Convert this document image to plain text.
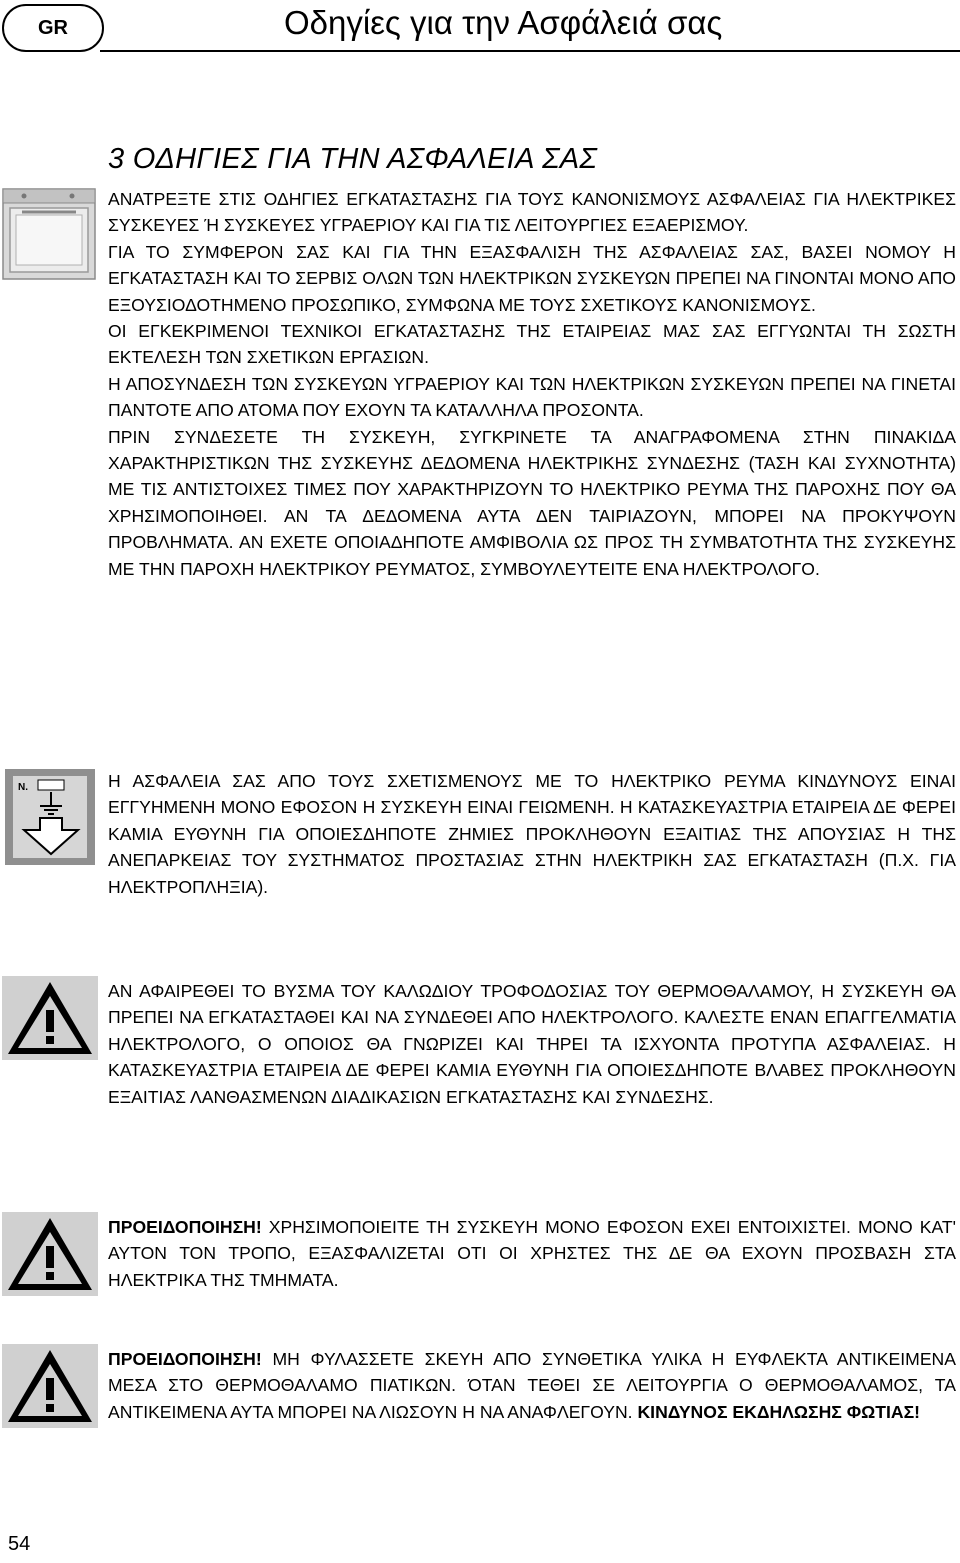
GR	Οδηγίες για την Ασφάλειά σας
3 ΟΔΗΓΙΕΣ ΓΙΑ ΤΗΝ ΑΣΦΑΛΕΙΑ ΣΑΣ

ΑΝΑΤΡΕΞΤΕ ΣΤΙΣ ΟΔΗΓΙΕΣ ΕΓΚΑΤΑΣΤΑΣΗΣ ΓΙΑ ΤΟΥΣ ΚΑΝΟΝΙΣΜΟΥΣ ΑΣΦΑΛΕΙΑΣ ΓΙΑ ΗΛΕΚΤΡΙΚΕΣ ΣΥΣΚΕΥΕΣ Ή ΣΥΣΚΕΥΕΣ ΥΓΡΑΕΡΙΟΥ ΚΑΙ ΓΙΑ ΤΙΣ ΛΕΙΤΟΥΡΓΙΕΣ ΕΞΑΕΡΙΣΜΟΥ.

ΓΙΑ ΤΟ ΣΥΜΦΕΡΟΝ ΣΑΣ ΚΑΙ ΓΙΑ ΤΗΝ ΕΞΑΣΦΑΛΙΣΗ ΤΗΣ ΑΣΦΑΛΕΙΑΣ ΣΑΣ, ΒΑΣΕΙ ΝΟΜΟΥ Η ΕΓΚΑΤΑΣΤΑΣΗ ΚΑΙ ΤΟ ΣΕΡΒΙΣ ΟΛΩΝ ΤΩΝ ΗΛΕΚΤΡΙΚΩΝ ΣΥΣΚΕΥΩΝ ΠΡΕΠΕΙ ΝΑ ΓΙΝΟΝΤΑΙ ΜΟΝΟ ΑΠΟ ΕΞΟΥΣΙΟΔΟΤΗΜΕΝΟ ΠΡΟΣΩΠΙΚΟ, ΣΥΜΦΩΝΑ ΜΕ ΤΟΥΣ ΣΧΕΤΙΚΟΥΣ ΚΑΝΟΝΙΣΜΟΥΣ.

ΟΙ ΕΓΚΕΚΡΙΜΕΝΟΙ ΤΕΧΝΙΚΟΙ ΕΓΚΑΤΑΣΤΑΣΗΣ ΤΗΣ ΕΤΑΙΡΕΙΑΣ ΜΑΣ ΣΑΣ ΕΓΓΥΩΝΤΑΙ ΤΗ ΣΩΣΤΗ ΕΚΤΕΛΕΣΗ ΤΩΝ ΣΧΕΤΙΚΩΝ ΕΡΓΑΣΙΩΝ.

Η ΑΠΟΣΥΝΔΕΣΗ ΤΩΝ ΣΥΣΚΕΥΩΝ ΥΓΡΑΕΡΙΟΥ ΚΑΙ ΤΩΝ ΗΛΕΚΤΡΙΚΩΝ ΣΥΣΚΕΥΩΝ ΠΡΕΠΕΙ ΝΑ ΓΙΝΕΤΑΙ ΠΑΝΤΟΤΕ ΑΠΟ ΑΤΟΜΑ ΠΟΥ ΕΧΟΥΝ ΤΑ ΚΑΤΑΛΛΗΛΑ ΠΡΟΣΟΝΤΑ.

ΠΡΙΝ ΣΥΝΔΕΣΕΤΕ ΤΗ ΣΥΣΚΕΥΗ, ΣΥΓΚΡΙΝΕΤΕ ΤΑ ΑΝΑΓΡΑΦΟΜΕΝΑ ΣΤΗΝ ΠΙΝΑΚΙΔΑ ΧΑΡΑΚΤΗΡΙΣΤΙΚΩΝ ΤΗΣ ΣΥΣΚΕΥΗΣ ΔΕΔΟΜΕΝΑ ΗΛΕΚΤΡΙΚΗΣ ΣΥΝΔΕΣΗΣ (ΤΑΣΗ ΚΑΙ ΣΥΧΝΟΤΗΤΑ) ΜΕ ΤΙΣ ΑΝΤΙΣΤΟΙΧΕΣ ΤΙΜΕΣ ΠΟΥ ΧΑΡΑΚΤΗΡΙΖΟΥΝ ΤΟ ΗΛΕΚΤΡΙΚΟ ΡΕΥΜΑ ΤΗΣ ΠΑΡΟΧΗΣ ΠΟΥ ΘΑ ΧΡΗΣΙΜΟΠΟΙΗΘΕΙ. ΑΝ ΤΑ ΔΕΔΟΜΕΝΑ ΑΥΤΑ ΔΕΝ ΤΑΙΡΙΑΖΟΥΝ, ΜΠΟΡΕΙ ΝΑ ΠΡΟΚΥΨΟΥΝ ΠΡΟΒΛΗΜΑΤΑ. ΑΝ ΕΧΕΤΕ ΟΠΟΙΑΔΗΠΟΤΕ ΑΜΦΙΒΟΛΙΑ ΩΣ ΠΡΟΣ ΤΗ ΣΥΜΒΑΤΟΤΗΤΑ ΤΗΣ ΣΥΣΚΕΥΗΣ ΜΕ ΤΗΝ ΠΑΡΟΧΗ ΗΛΕΚΤΡΙΚΟΥ ΡΕΥΜΑΤΟΣ, ΣΥΜΒΟΥΛΕΥΤΕΙΤΕ ΕΝΑ ΗΛΕΚΤΡΟΛΟΓΟ.

N.	Η ΑΣΦΑΛΕΙΑ ΣΑΣ ΑΠΟ ΤΟΥΣ ΣΧΕΤΙΣΜΕΝΟΥΣ ΜΕ ΤΟ ΗΛΕΚΤΡΙΚΟ ΡΕΥΜΑ ΚΙΝΔΥΝΟΥΣ ΕΙΝΑΙ ΕΓΓΥΗΜΕΝΗ ΜΟΝΟ ΕΦΟΣΟΝ Η ΣΥΣΚΕΥΗ ΕΙΝΑΙ ΓΕΙΩΜΕΝΗ. Η ΚΑΤΑΣΚΕΥΑΣΤΡΙΑ ΕΤΑΙΡΕΙΑ ΔΕ ΦΕΡΕΙ ΚΑΜΙΑ ΕΥΘΥΝΗ ΓΙΑ ΟΠΟΙΕΣΔΗΠΟΤΕ ΖΗΜΙΕΣ ΠΡΟΚΛΗΘΟΥΝ ΕΞΑΙΤΙΑΣ ΤΗΣ ΑΠΟΥΣΙΑΣ Η ΤΗΣ ΑΝΕΠΑΡΚΕΙΑΣ ΤΟΥ ΣΥΣΤΗΜΑΤΟΣ ΠΡΟΣΤΑΣΙΑΣ ΣΤΗΝ ΗΛΕΚΤΡΙΚΗ ΣΑΣ ΕΓΚΑΤΑΣΤΑΣΗ (Π.Χ. ΓΙΑ ΗΛΕΚΤΡΟΠΛΗΞΙΑ).

ΑΝ ΑΦΑΙΡΕΘΕΙ ΤΟ ΒΥΣΜΑ ΤΟΥ ΚΑΛΩΔΙΟΥ ΤΡΟΦΟΔΟΣΙΑΣ ΤΟΥ ΘΕΡΜΟΘΑΛΑΜΟΥ, Η ΣΥΣΚΕΥΗ ΘΑ ΠΡΕΠΕΙ ΝΑ ΕΓΚΑΤΑΣΤΑΘΕΙ ΚΑΙ ΝΑ ΣΥΝΔΕΘΕΙ ΑΠΟ ΗΛΕΚΤΡΟΛΟΓΟ. ΚΑΛΕΣΤΕ ΕΝΑΝ ΕΠΑΓΓΕΛΜΑΤΙΑ ΗΛΕΚΤΡΟΛΟΓΟ, Ο ΟΠΟΙΟΣ ΘΑ ΓΝΩΡΙΖΕΙ ΚΑΙ ΤΗΡΕΙ ΤΑ ΙΣΧΥΟΝΤΑ ΠΡΟΤΥΠΑ ΑΣΦΑΛΕΙΑΣ. Η ΚΑΤΑΣΚΕΥΑΣΤΡΙΑ ΕΤΑΙΡΕΙΑ ΔΕ ΦΕΡΕΙ ΚΑΜΙΑ ΕΥΘΥΝΗ ΓΙΑ ΟΠΟΙΕΣΔΗΠΟΤΕ ΒΛΑΒΕΣ ΠΡΟΚΛΗΘΟΥΝ ΕΞΑΙΤΙΑΣ ΛΑΝΘΑΣΜΕΝΩΝ ΔΙΑΔΙΚΑΣΙΩΝ ΕΓΚΑΤΑΣΤΑΣΗΣ ΚΑΙ ΣΥΝΔΕΣΗΣ.

ΠΡΟΕΙΔΟΠΟΙΗΣΗ! ΧΡΗΣΙΜΟΠΟΙΕΙΤΕ ΤΗ ΣΥΣΚΕΥΗ ΜΟΝΟ ΕΦΟΣΟΝ ΕΧΕΙ ΕΝΤΟΙΧΙΣΤΕΙ. ΜΟΝΟ ΚΑΤ' ΑΥΤΟΝ ΤΟΝ ΤΡΟΠΟ, ΕΞΑΣΦΑΛΙΖΕΤΑΙ ΟΤΙ ΟΙ ΧΡΗΣΤΕΣ ΤΗΣ ΔΕ ΘΑ ΕΧΟΥΝ ΠΡΟΣΒΑΣΗ ΣΤΑ ΗΛΕΚΤΡΙΚΑ ΤΗΣ ΤΜΗΜΑΤΑ.

ΠΡΟΕΙΔΟΠΟΙΗΣΗ! ΜΗ ΦΥΛΑΣΣΕΤΕ ΣΚΕΥΗ ΑΠΟ ΣΥΝΘΕΤΙΚΑ ΥΛΙΚΑ Η ΕΥΦΛΕΚΤΑ ΑΝΤΙΚΕΙΜΕΝΑ ΜΕΣΑ ΣΤΟ ΘΕΡΜΟΘΑΛΑΜΟ ΠΙΑΤΙΚΩΝ. ΌΤΑΝ ΤΕΘΕΙ ΣΕ ΛΕΙΤΟΥΡΓΙΑ Ο ΘΕΡΜΟΘΑΛΑΜΟΣ, ΤΑ ΑΝΤΙΚΕΙΜΕΝΑ ΑΥΤΑ ΜΠΟΡΕΙ ΝΑ ΛΙΩΣΟΥΝ Η ΝΑ ΑΝΑΦΛΕΓΟΥΝ. ΚΙΝΔΥΝΟΣ ΕΚΔΗΛΩΣΗΣ ΦΩΤΙΑΣ!

54
